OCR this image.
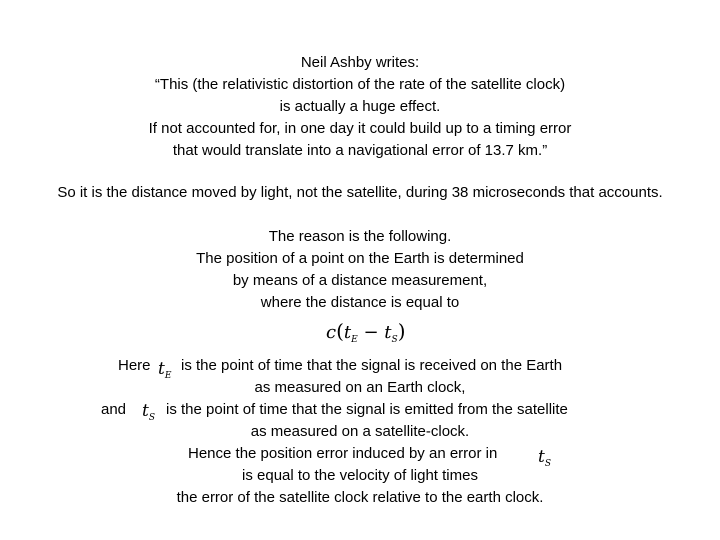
Neil Ashby writes:
“This (the relativistic distortion of the rate of the satellite clock)
is actually a huge effect.
If not accounted for, in one day it could build up to a timing error
that would translate into a navigational error of 13.7 km.”
So it is the distance moved by light, not the satellite, during 38 microseconds that accounts.
The reason is the following.
The position of a point on the Earth is determined
by means of a distance measurement,
where the distance is equal to
$c(t_E - t_S)$
Here $t_E$
is the point of time that the signal is received on the Earth
as measured on an Earth clock,
and $t_S$ is the point of time that the signal is emitted from the satellite
as measured on a satellite-clock.
Hence the position error induced by an error in $t_S$
is equal to the velocity of light times
the error of the satellite clock relative to the earth clock.
